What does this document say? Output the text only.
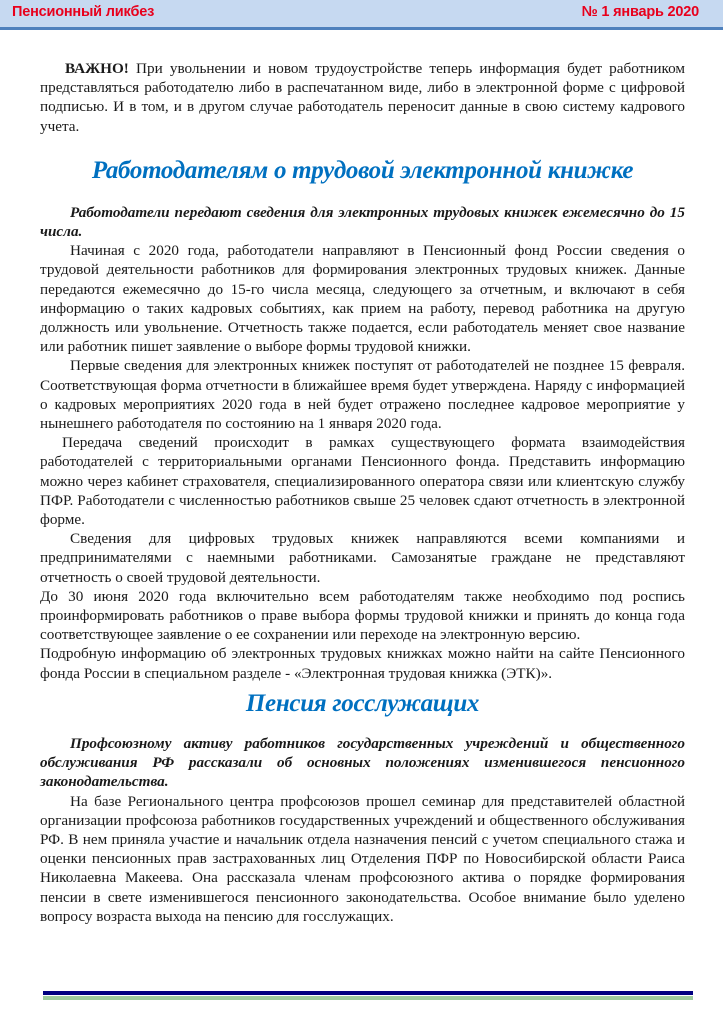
Пенсионный ликбез	№ 1 январь 2020

ВАЖНО! При увольнении и новом трудоустройстве теперь информация будет работником представляться работодателю либо в распечатанном виде, либо в электронной форме с цифровой подписью. И в том, и в другом случае работодатель переносит данные в свою систему кадрового учета.

Работодателям о трудовой электронной книжке

Работодатели передают сведения для электронных трудовых книжек ежемесячно до 15 числа.

Начиная с 2020 года, работодатели направляют в Пенсионный фонд России сведения о трудовой деятельности работников для формирования электронных трудовых книжек. Данные передаются ежемесячно до 15-го числа месяца, следующего за отчетным, и включают в себя информацию о таких кадровых событиях, как прием на работу, перевод работника на другую должность или увольнение. Отчетность также подается, если работодатель меняет свое название или работник пишет заявление о выборе формы трудовой книжки.

Первые сведения для электронных книжек поступят от работодателей не позднее 15 февраля. Соответствующая форма отчетности в ближайшее время будет утверждена. Наряду с информацией о кадровых мероприятиях 2020 года в ней будет отражено последнее кадровое мероприятие у нынешнего работодателя по состоянию на 1 января 2020 года.

Передача сведений происходит в рамках существующего формата взаимодействия работодателей с территориальными органами Пенсионного фонда. Представить информацию можно через кабинет страхователя, специализированного оператора связи или клиентскую службу ПФР. Работодатели с численностью работников свыше 25 человек сдают отчетность в электронной форме.

Сведения для цифровых трудовых книжек направляются всеми компаниями и предпринимателями с наемными работниками. Самозанятые граждане не представляют отчетность о своей трудовой деятельности.

До 30 июня 2020 года включительно всем работодателям также необходимо под роспись проинформировать работников о праве выбора формы трудовой книжки и принять до конца года соответствующее заявление о ее сохранении или переходе на электронную версию.

Подробную информацию об электронных трудовых книжках можно найти на сайте Пенсионного фонда России в специальном разделе - «Электронная трудовая книжка (ЭТК)».

Пенсия госслужащих

Профсоюзному активу работников государственных учреждений и общественного обслуживания РФ рассказали об основных положениях изменившегося пенсионного законодательства.

На базе Регионального центра профсоюзов прошел семинар для представителей областной организации профсоюза работников государственных учреждений и общественного обслуживания РФ. В нем приняла участие и начальник отдела назначения пенсий с учетом специального стажа и оценки пенсионных прав застрахованных лиц Отделения ПФР по Новосибирской области Раиса Николаевна Макеева. Она рассказала членам профсоюзного актива о порядке формирования пенсии в свете изменившегося пенсионного законодательства. Особое внимание было уделено вопросу возраста выхода на пенсию для госслужащих.
